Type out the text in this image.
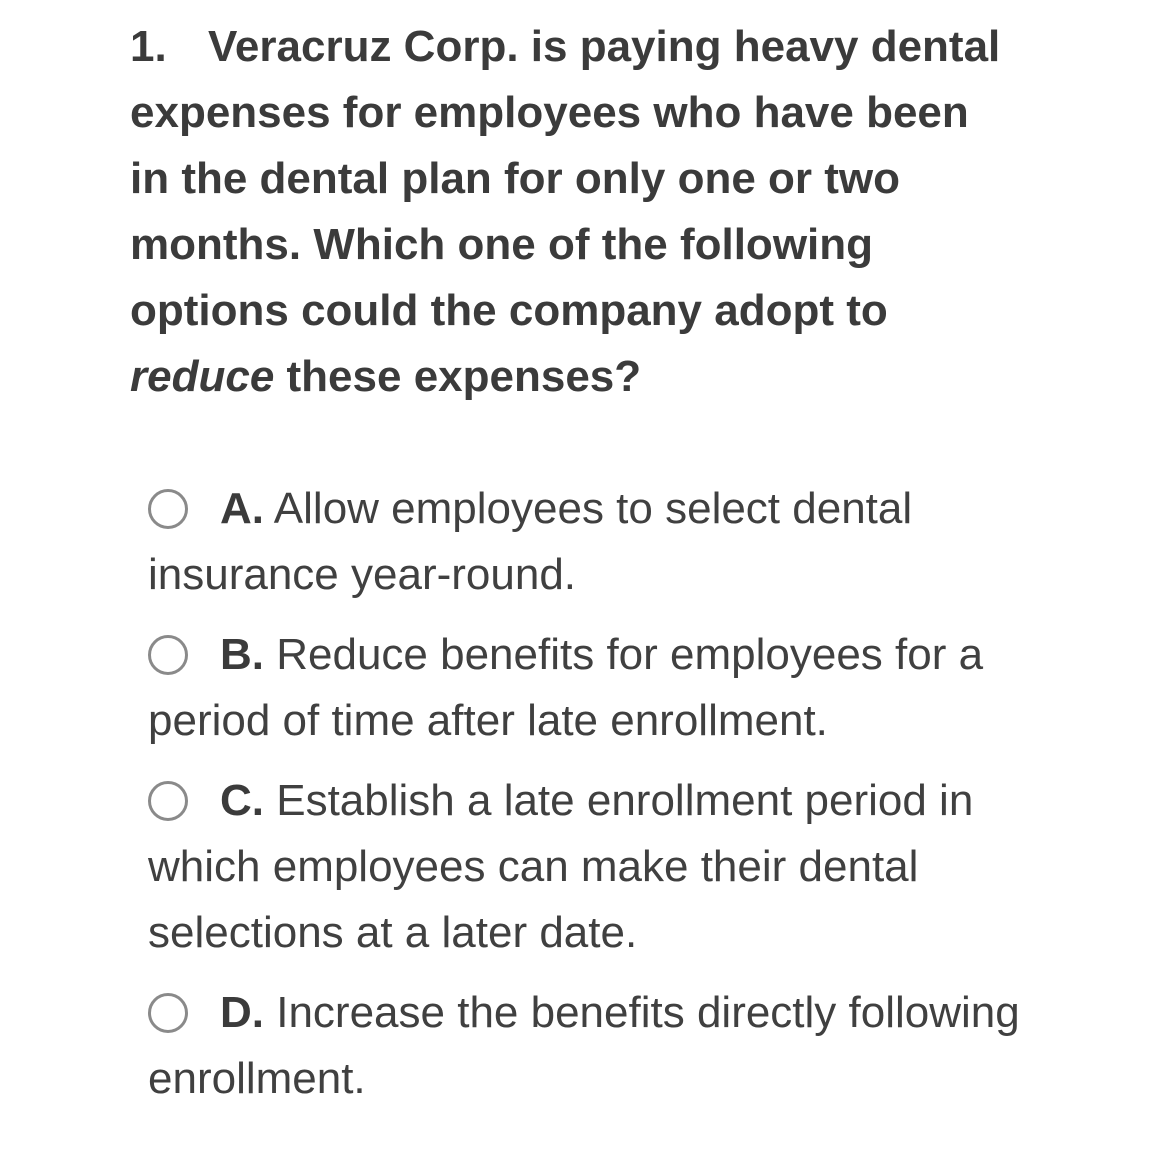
1. Veracruz Corp. is paying heavy dental expenses for employees who have been in the dental plan for only one or two months. Which one of the following options could the company adopt to reduce these expenses?

A. Allow employees to select dental insurance year-round.
B. Reduce benefits for employees for a period of time after late enrollment.
C. Establish a late enrollment period in which employees can make their dental selections at a later date.
D. Increase the benefits directly following enrollment.
